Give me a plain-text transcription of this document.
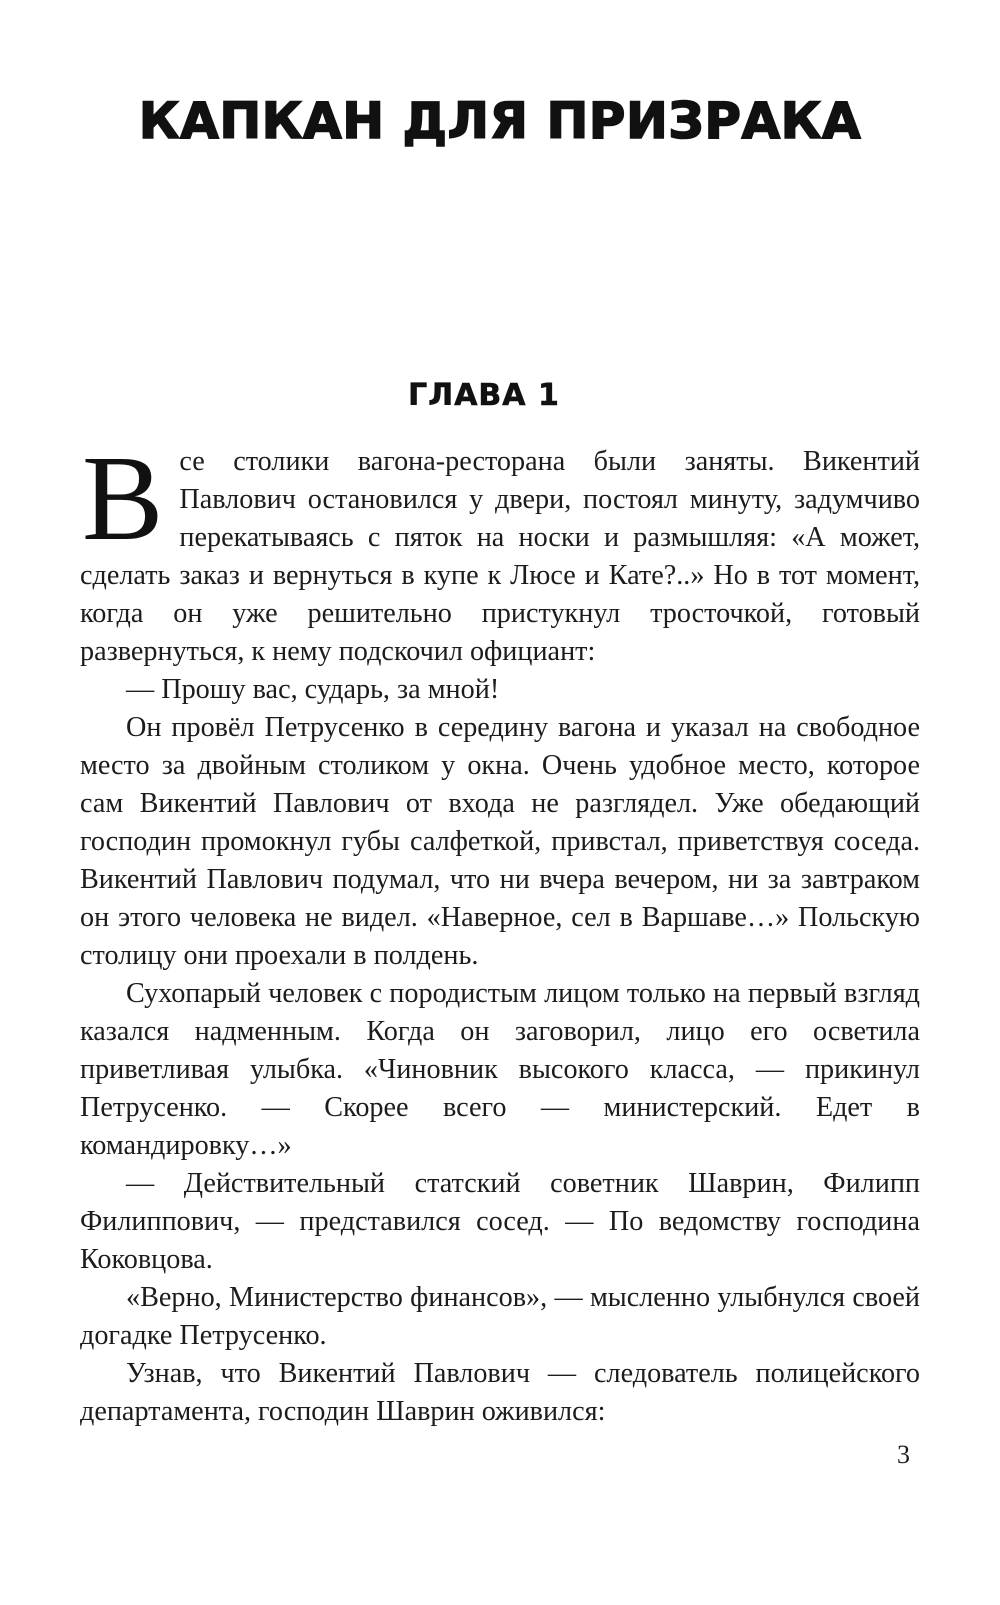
КАПКАН ДЛЯ ПРИЗРАКА
ГЛАВА 1

Все столики вагона-ресторана были заняты. Викентий Павлович остановился у двери, постоял минуту, задумчиво перекатываясь с пяток на носки и размышляя: «А может, сделать заказ и вернуться в купе к Люсе и Кате?..» Но в тот момент, когда он уже решительно пристукнул тросточкой, готовый развернуться, к нему подскочил официант:

— Прошу вас, сударь, за мной!

Он провёл Петрусенко в середину вагона и указал на свободное место за двойным столиком у окна. Очень удобное место, которое сам Викентий Павлович от входа не разглядел. Уже обедающий господин промокнул губы салфеткой, привстал, приветствуя соседа. Викентий Павлович подумал, что ни вчера вечером, ни за завтраком он этого человека не видел. «Наверное, сел в Варшаве…» Польскую столицу они проехали в полдень.

Сухопарый человек с породистым лицом только на первый взгляд казался надменным. Когда он заговорил, лицо его осветила приветливая улыбка. «Чиновник высокого класса, — прикинул Петрусенко. — Скорее всего — министерский. Едет в командировку…»

— Действительный статский советник Шаврин, Филипп Филиппович, — представился сосед. — По ведомству господина Коковцова.

«Верно, Министерство финансов», — мысленно улыбнулся своей догадке Петрусенко.

Узнав, что Викентий Павлович — следователь полицейского департамента, господин Шаврин оживился:

3
